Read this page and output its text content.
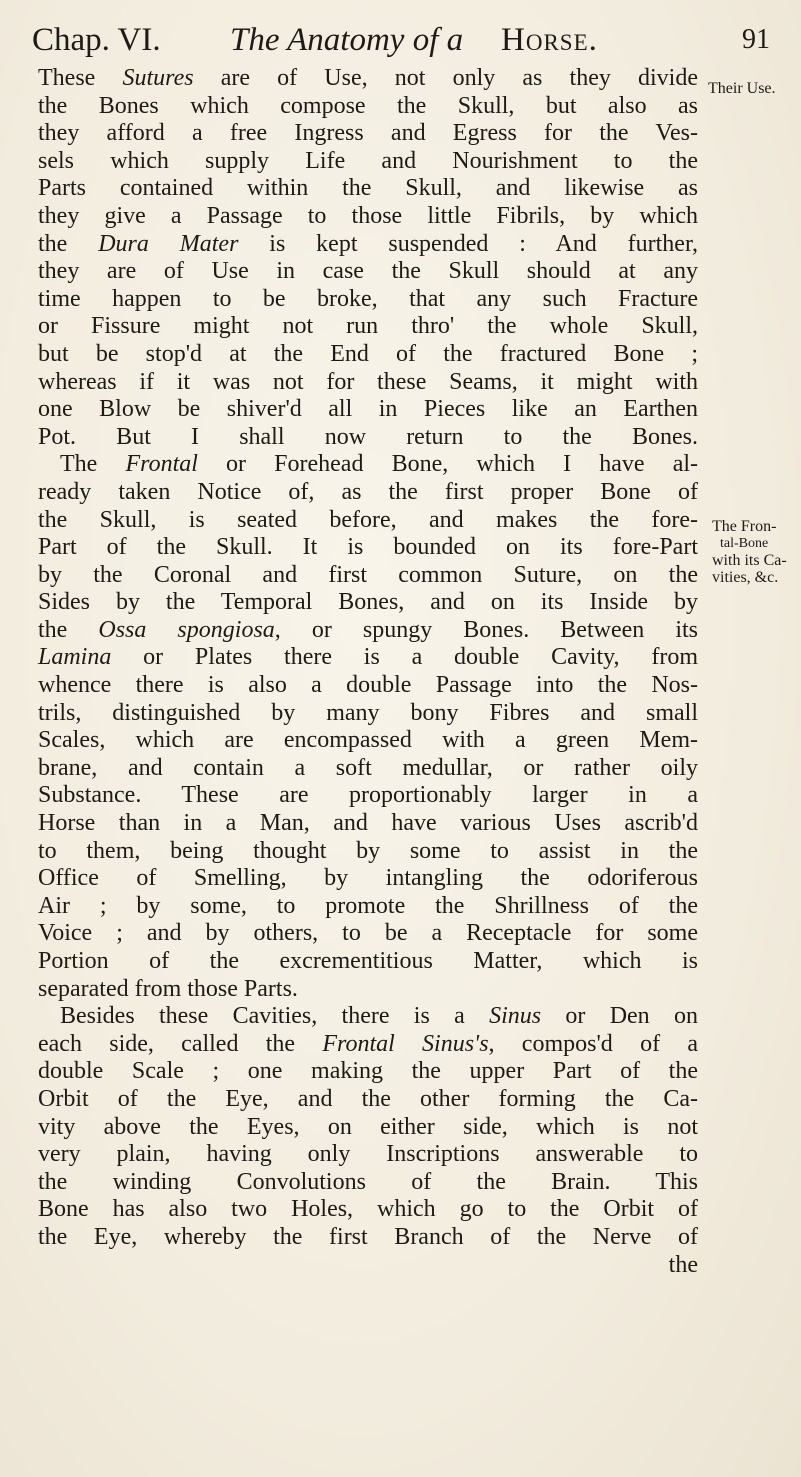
Chap. VI. The Anatomy of a Horse.	91
These Sutures are of Use, not only as they divide
the Bones which compose the Skull, but also as
they afford a free Ingress and Egress for the Ves-
sels which supply Life and Nourishment to the
Parts contained within the Skull, and likewise as
they give a Passage to those little Fibrils, by which
the Dura Mater is kept suspended : And further,
they are of Use in case the Skull should at any
time happen to be broke, that any such Fracture
or Fissure might not run thro' the whole Skull,
but be stop'd at the End of the fractured Bone ;
whereas if it was not for these Seams, it might with
one Blow be shiver'd all in Pieces like an Earthen
Pot. But I shall now return to the Bones.
The Frontal or Forehead Bone, which I have al-
ready taken Notice of, as the first proper Bone of
the Skull, is seated before, and makes the fore-
Part of the Skull. It is bounded on its fore-Part
by the Coronal and first common Suture, on the
Sides by the Temporal Bones, and on its Inside by
the Ossa spongiosa, or spungy Bones. Between its
Lamina or Plates there is a double Cavity, from
whence there is also a double Passage into the Nos-
trils, distinguished by many bony Fibres and small
Scales, which are encompassed with a green Mem-
brane, and contain a soft medullar, or rather oily
Substance. These are proportionably larger in a
Horse than in a Man, and have various Uses ascrib'd
to them, being thought by some to assist in the
Office of Smelling, by intangling the odoriferous
Air ; by some, to promote the Shrillness of the
Voice ; and by others, to be a Receptacle for some
Portion of the excrementitious Matter, which is
separated from those Parts.
Besides these Cavities, there is a Sinus or Den on
each side, called the Frontal Sinus's, compos'd of a
double Scale ; one making the upper Part of the
Orbit of the Eye, and the other forming the Ca-
vity above the Eyes, on either side, which is not
very plain, having only Inscriptions answerable to
the winding Convolutions of the Brain. This
Bone has also two Holes, which go to the Orbit of
the Eye, whereby the first Branch of the Nerve of
the
Their Use.
The Fron-
tal-Bone
with its Ca-
vities, &c.
